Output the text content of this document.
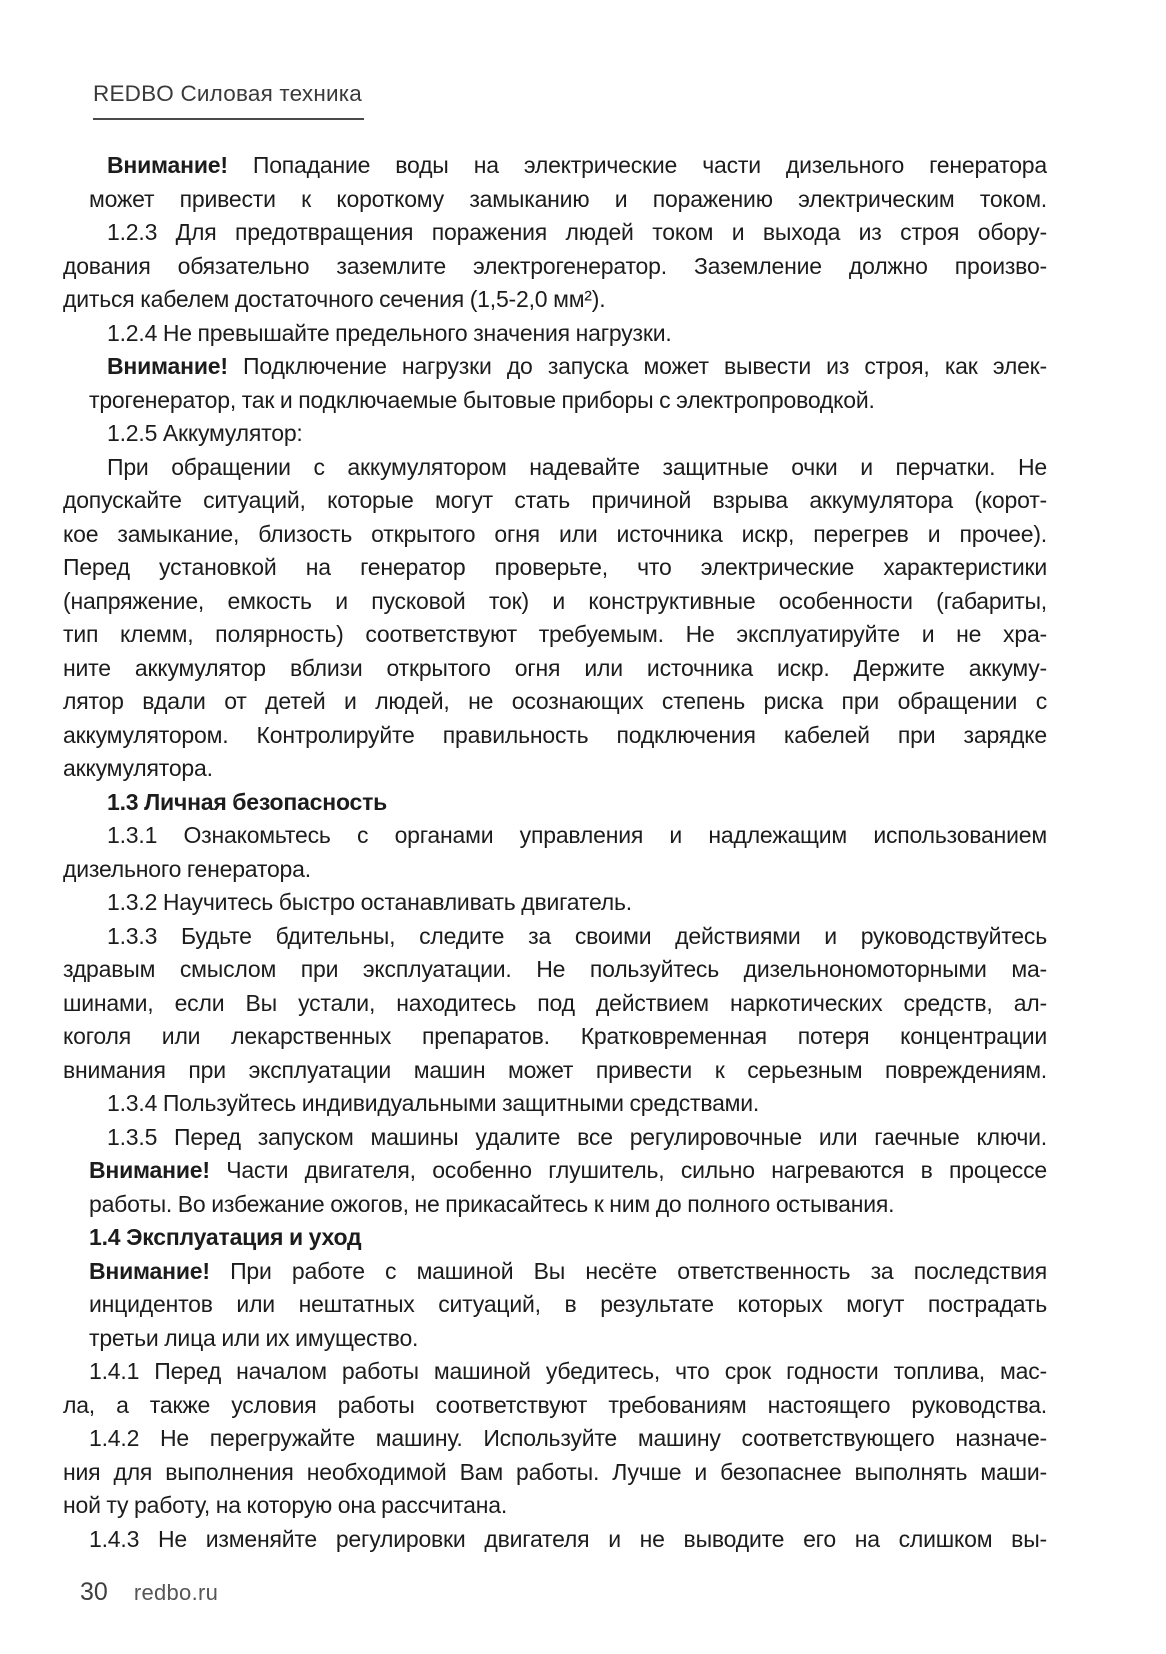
REDBO Силовая техника
Внимание! Попадание воды на электрические части дизельного генератора
может привести к короткому замыканию и поражению электрическим током.
1.2.3 Для предотвращения поражения людей током и выхода из строя обору-
дования обязательно заземлите электрогенератор. Заземление должно произво-
диться кабелем достаточного сечения (1,5-2,0 мм²).
1.2.4 Не превышайте предельного значения нагрузки.
Внимание! Подключение нагрузки до запуска может вывести из строя, как элек-
трогенератор, так и подключаемые бытовые приборы с электропроводкой.
1.2.5 Аккумулятор:
При обращении с аккумулятором надевайте защитные очки и перчатки. Не
допускайте ситуаций, которые могут стать причиной взрыва аккумулятора (корот-
кое замыкание, близость открытого огня или источника искр, перегрев и прочее).
Перед установкой на генератор проверьте, что электрические характеристики
(напряжение, емкость и пусковой ток) и конструктивные особенности (габариты,
тип клемм, полярность) соответствуют требуемым. Не эксплуатируйте и не хра-
ните аккумулятор вблизи открытого огня или источника искр. Держите аккуму-
лятор вдали от детей и людей, не осознающих степень риска при обращении с
аккумулятором. Контролируйте правильность подключения кабелей при зарядке
аккумулятора.
1.3 Личная безопасность
1.3.1 Ознакомьтесь с органами управления и надлежащим использованием
дизельного генератора.
1.3.2 Научитесь быстро останавливать двигатель.
1.3.3 Будьте бдительны, следите за своими действиями и руководствуйтесь
здравым смыслом при эксплуатации. Не пользуйтесь дизельнономоторными ма-
шинами, если Вы устали, находитесь под действием наркотических средств, ал-
коголя или лекарственных препаратов. Кратковременная потеря концентрации
внимания при эксплуатации машин может привести к серьезным повреждениям.
1.3.4 Пользуйтесь индивидуальными защитными средствами.
1.3.5 Перед запуском машины удалите все регулировочные или гаечные ключи.
Внимание! Части двигателя, особенно глушитель, сильно нагреваются в процессе
работы. Во избежание ожогов, не прикасайтесь к ним до полного остывания.
1.4 Эксплуатация и уход
Внимание! При работе с машиной Вы несёте ответственность за последствия
инцидентов или нештатных ситуаций, в результате которых могут пострадать
третьи лица или их имущество.
1.4.1 Перед началом работы машиной убедитесь, что срок годности топлива, мас-
ла, а также условия работы соответствуют требованиям настоящего руководства.
1.4.2 Не перегружайте машину. Используйте машину соответствующего назначе-
ния для выполнения необходимой Вам работы. Лучше и безопаснее выполнять маши-
ной ту работу, на которую она рассчитана.
1.4.3 Не изменяйте регулировки двигателя и не выводите его на слишком вы-
30 redbo.ru
